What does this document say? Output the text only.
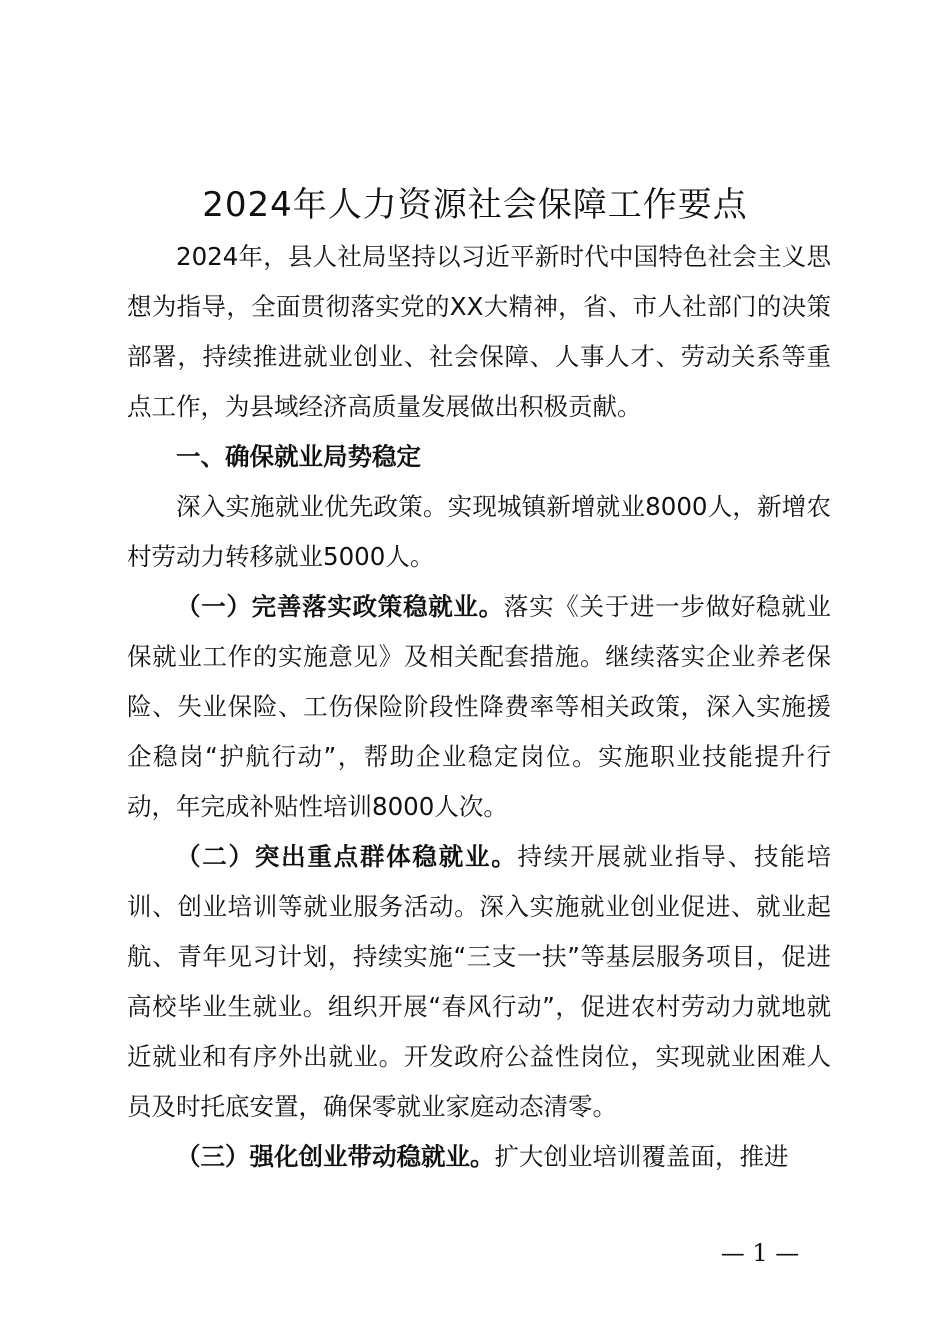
2024年人力资源社会保障工作要点

2024年，县人社局坚持以习近平新时代中国特色社会主义思想为指导，全面贯彻落实党的XX大精神，省、市人社部门的决策部署，持续推进就业创业、社会保障、人事人才、劳动关系等重点工作，为县域经济高质量发展做出积极贡献。

一、确保就业局势稳定

深入实施就业优先政策。实现城镇新增就业8000人，新增农村劳动力转移就业5000人。

（一）完善落实政策稳就业。落实《关于进一步做好稳就业保就业工作的实施意见》及相关配套措施。继续落实企业养老保险、失业保险、工伤保险阶段性降费率等相关政策，深入实施援企稳岗“护航行动”，帮助企业稳定岗位。实施职业技能提升行动，年完成补贴性培训8000人次。

（二）突出重点群体稳就业。持续开展就业指导、技能培训、创业培训等就业服务活动。深入实施就业创业促进、就业起航、青年见习计划，持续实施“三支一扶”等基层服务项目，促进高校毕业生就业。组织开展“春风行动”，促进农村劳动力就地就近就业和有序外出就业。开发政府公益性岗位，实现就业困难人员及时托底安置，确保零就业家庭动态清零。

（三）强化创业带动稳就业。扩大创业培训覆盖面，推进

— 1 —
